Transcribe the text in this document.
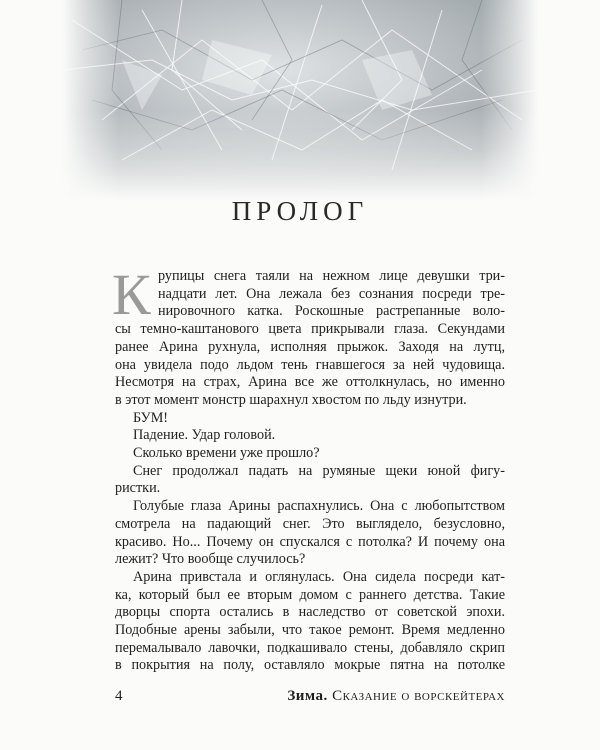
ПРОЛОГ
К
4	Зима. Сказание о ворскейтерах
рупицы снега таяли на нежном лице девушки три-
надцати лет. Она лежала без сознания посреди тре-
нировочного катка. Роскошные растрепанные воло-
сы темно-каштанового цвета прикрывали глаза. Секундами
ранее Арина рухнула, исполняя прыжок. Заходя на лутц,
она увидела подо льдом тень гнавшегося за ней чудовища.
Несмотря на страх, Арина все же оттолкнулась, но именно
в этот момент монстр шарахнул хвостом по льду изнутри.
БУМ!
Падение. Удар головой.
Сколько времени уже прошло?
Снег продолжал падать на румяные щеки юной фигу-
ристки.
Голубые глаза Арины распахнулись. Она с любопытством
смотрела на падающий снег. Это выглядело, безусловно,
красиво. Но... Почему он спускался с потолка? И почему она
лежит? Что вообще случилось?
Арина привстала и оглянулась. Она сидела посреди кат-
ка, который был ее вторым домом с раннего детства. Такие
дворцы спорта остались в наследство от советской эпохи.
Подобные арены забыли, что такое ремонт. Время медленно
перемалывало лавочки, подкашивало стены, добавляло скрип
в покрытия на полу, оставляло мокрые пятна на потолке
